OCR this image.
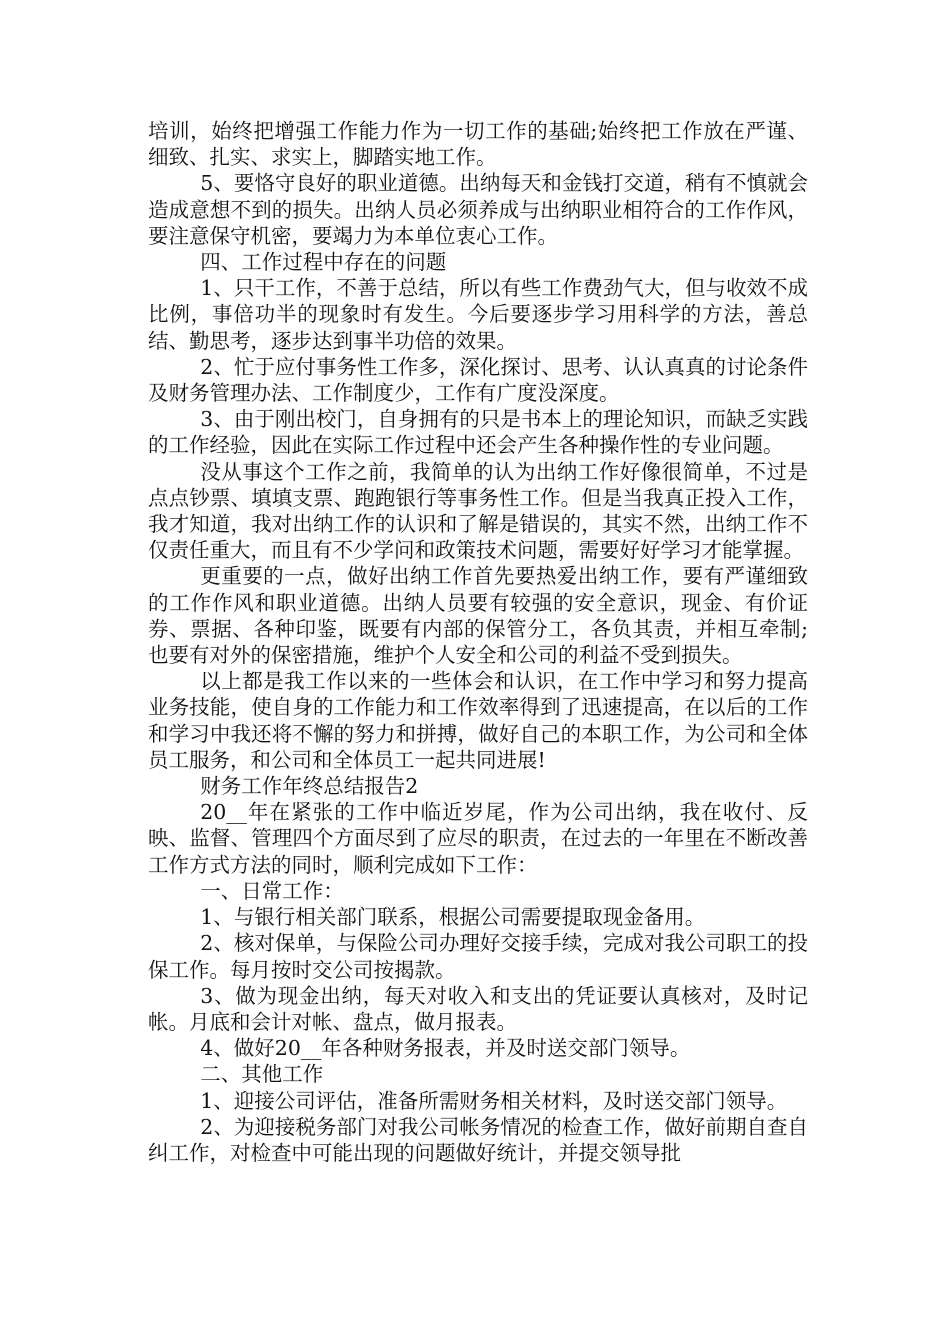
培训，始终把增强工作能力作为一切工作的基础;始终把工作放在严谨、细致、扎实、求实上，脚踏实地工作。

5、要恪守良好的职业道德。出纳每天和金钱打交道，稍有不慎就会造成意想不到的损失。出纳人员必须养成与出纳职业相符合的工作作风，要注意保守机密，要竭力为本单位衷心工作。

四、工作过程中存在的问题

1、只干工作，不善于总结，所以有些工作费劲气大，但与收效不成比例，事倍功半的现象时有发生。今后要逐步学习用科学的方法，善总结、勤思考，逐步达到事半功倍的效果。

2、忙于应付事务性工作多，深化探讨、思考、认认真真的讨论条件及财务管理办法、工作制度少，工作有广度没深度。

3、由于刚出校门，自身拥有的只是书本上的理论知识，而缺乏实践的工作经验，因此在实际工作过程中还会产生各种操作性的专业问题。

没从事这个工作之前，我简单的认为出纳工作好像很简单，不过是点点钞票、填填支票、跑跑银行等事务性工作。但是当我真正投入工作，我才知道，我对出纳工作的认识和了解是错误的，其实不然，出纳工作不仅责任重大，而且有不少学问和政策技术问题，需要好好学习才能掌握。

更重要的一点，做好出纳工作首先要热爱出纳工作，要有严谨细致的工作作风和职业道德。出纳人员要有较强的安全意识，现金、有价证券、票据、各种印鉴，既要有内部的保管分工，各负其责，并相互牵制;也要有对外的保密措施，维护个人安全和公司的利益不受到损失。

以上都是我工作以来的一些体会和认识，在工作中学习和努力提高业务技能，使自身的工作能力和工作效率得到了迅速提高，在以后的工作和学习中我还将不懈的努力和拼搏，做好自己的本职工作，为公司和全体员工服务，和公司和全体员工一起共同进展!

财务工作年终总结报告2

20__年在紧张的工作中临近岁尾，作为公司出纳，我在收付、反映、监督、管理四个方面尽到了应尽的职责，在过去的一年里在不断改善工作方式方法的同时，顺利完成如下工作：

一、日常工作：

1、与银行相关部门联系，根据公司需要提取现金备用。

2、核对保单，与保险公司办理好交接手续，完成对我公司职工的投保工作。每月按时交公司按揭款。

3、做为现金出纳，每天对收入和支出的凭证要认真核对，及时记帐。月底和会计对帐、盘点，做月报表。

4、做好20__年各种财务报表，并及时送交部门领导。

二、其他工作

1、迎接公司评估，准备所需财务相关材料，及时送交部门领导。

2、为迎接税务部门对我公司帐务情况的检查工作，做好前期自查自纠工作，对检查中可能出现的问题做好统计，并提交领导批
